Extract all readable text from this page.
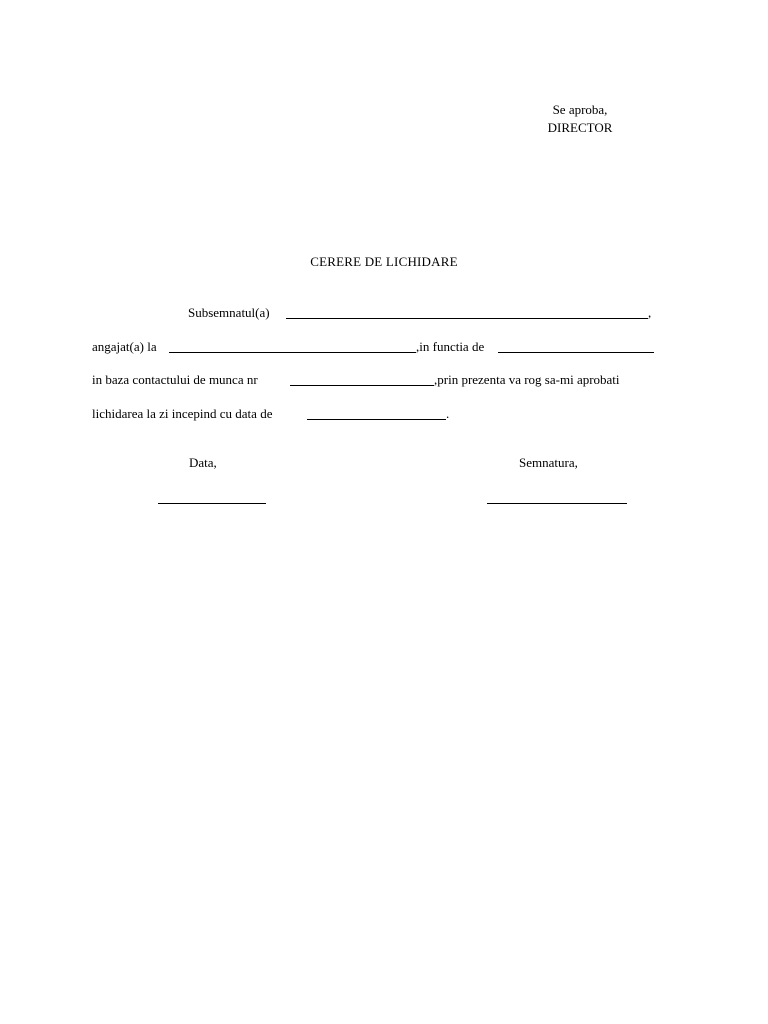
Se aproba,
DIRECTOR
CERERE DE LICHIDARE
Subsemnatul(a)	,
angajat(a) la	,in functia de
in baza contactului de munca nr	,prin prezenta va rog sa-mi aprobati
lichidarea la zi incepind cu data de	.
Data,	Semnatura,
